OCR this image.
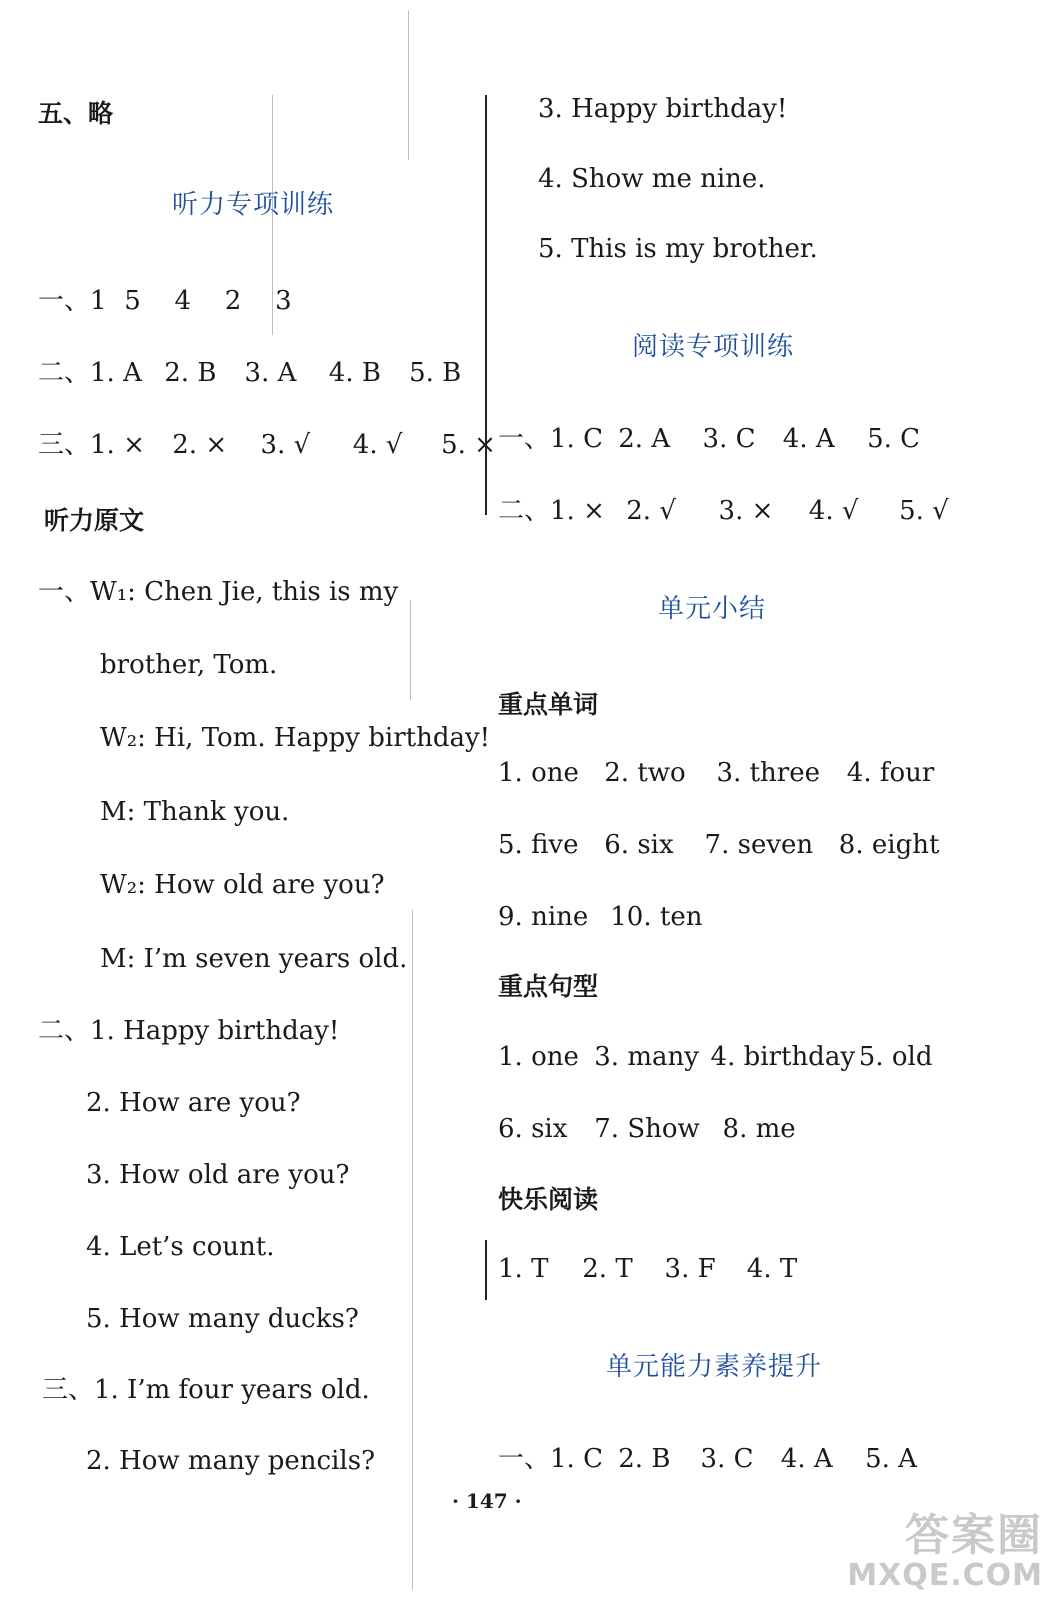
五、略
听力专项训练
一、1 5 4 2 3
二、1. A 2. B 3. A 4. B 5. B
三、1. × 2. × 3. √ 4. √ 5. ×
听力原文
一、W₁: Chen Jie, this is my
brother, Tom.
W₂: Hi, Tom. Happy birthday!
M: Thank you.
W₂: How old are you?
M: I’m seven years old.
二、1. Happy birthday!
2. How are you?
3. How old are you?
4. Let’s count.
5. How many ducks?
三、1. I’m four years old.
2. How many pencils?
3. Happy birthday!
4. Show me nine.
5. This is my brother.
阅读专项训练
一、1. C 2. A 3. C 4. A 5. C
二、1. × 2. √ 3. × 4. √ 5. √
单元小结
重点单词
1. one 2. two 3. three 4. four
5. five 6. six 7. seven 8. eight
9. nine 10. ten
重点句型
1. one 3. many 4. birthday 5. old
6. six 7. Show 8. me
快乐阅读
1. T 2. T 3. F 4. T
单元能力素养提升
一、1. C 2. B 3. C 4. A 5. A
· 147 ·
答案圈
MXQE.COM
